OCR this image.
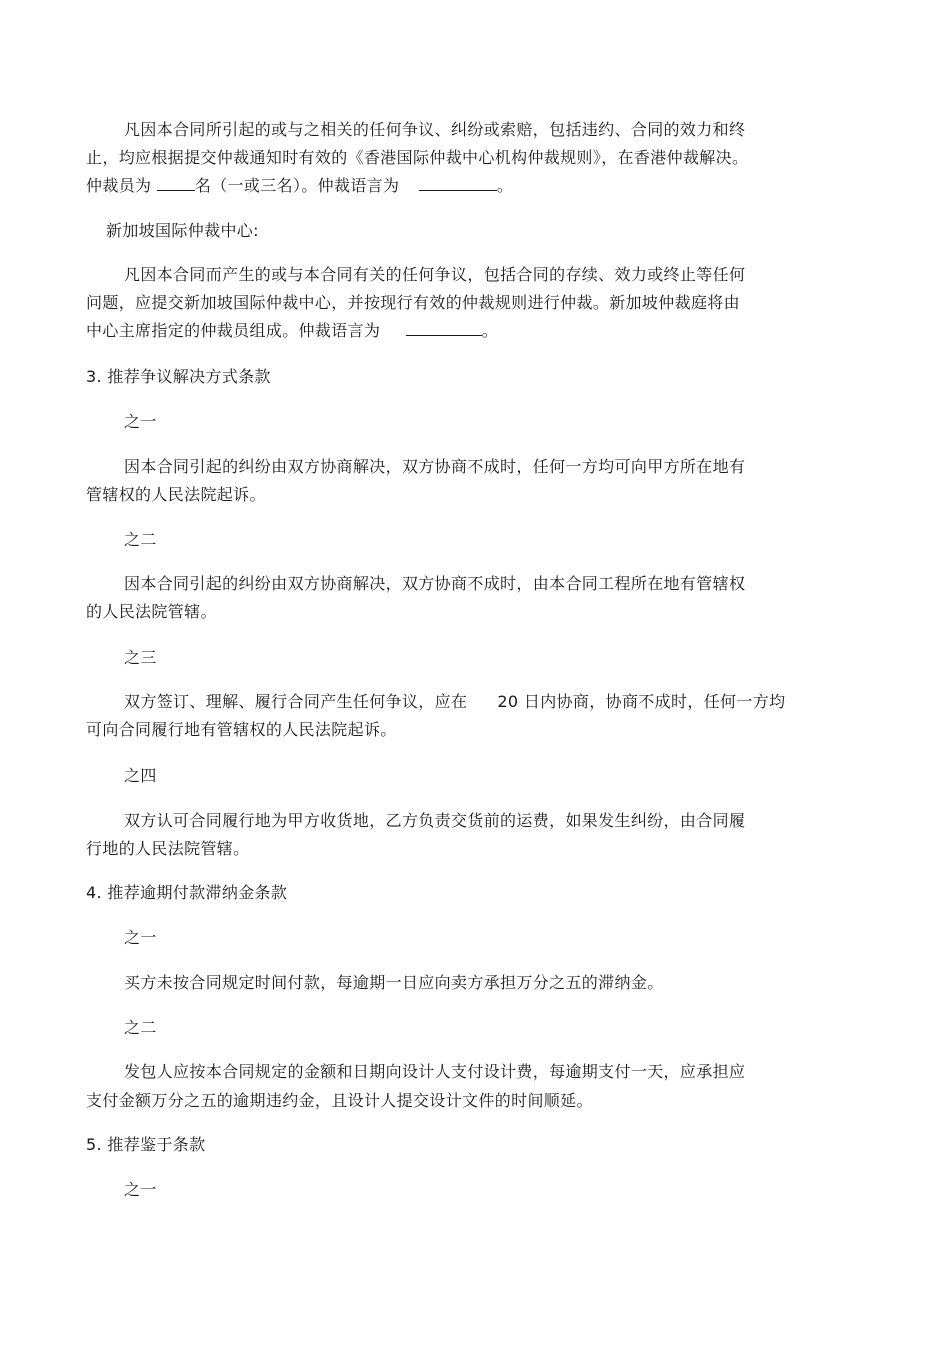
凡因本合同所引起的或与之相关的任何争议、纠纷或索赔，包括违约、合同的效力和终
止，均应根据提交仲裁通知时有效的《香港国际仲裁中心机构仲裁规则》，在香港仲裁解决。
仲裁员为	名（一或三名）。仲裁语言为	。
新加坡国际仲裁中心:
凡因本合同而产生的或与本合同有关的任何争议，包括合同的存续、效力或终止等任何
问题，应提交新加坡国际仲裁中心，并按现行有效的仲裁规则进行仲裁。新加坡仲裁庭将由
中心主席指定的仲裁员组成。仲裁语言为	。
3. 推荐争议解决方式条款
之一
因本合同引起的纠纷由双方协商解决，双方协商不成时，任何一方均可向甲方所在地有
管辖权的人民法院起诉。
之二
因本合同引起的纠纷由双方协商解决，双方协商不成时，由本合同工程所在地有管辖权
的人民法院管辖。
之三
双方签订、理解、履行合同产生任何争议，应在 20 日内协商，协商不成时，任何一方均
可向合同履行地有管辖权的人民法院起诉。
之四
双方认可合同履行地为甲方收货地，乙方负责交货前的运费，如果发生纠纷，由合同履
行地的人民法院管辖。
4. 推荐逾期付款滞纳金条款
之一
买方未按合同规定时间付款，每逾期一日应向卖方承担万分之五的滞纳金。
之二
发包人应按本合同规定的金额和日期向设计人支付设计费，每逾期支付一天，应承担应
支付金额万分之五的逾期违约金，且设计人提交设计文件的时间顺延。
5. 推荐鉴于条款
之一
